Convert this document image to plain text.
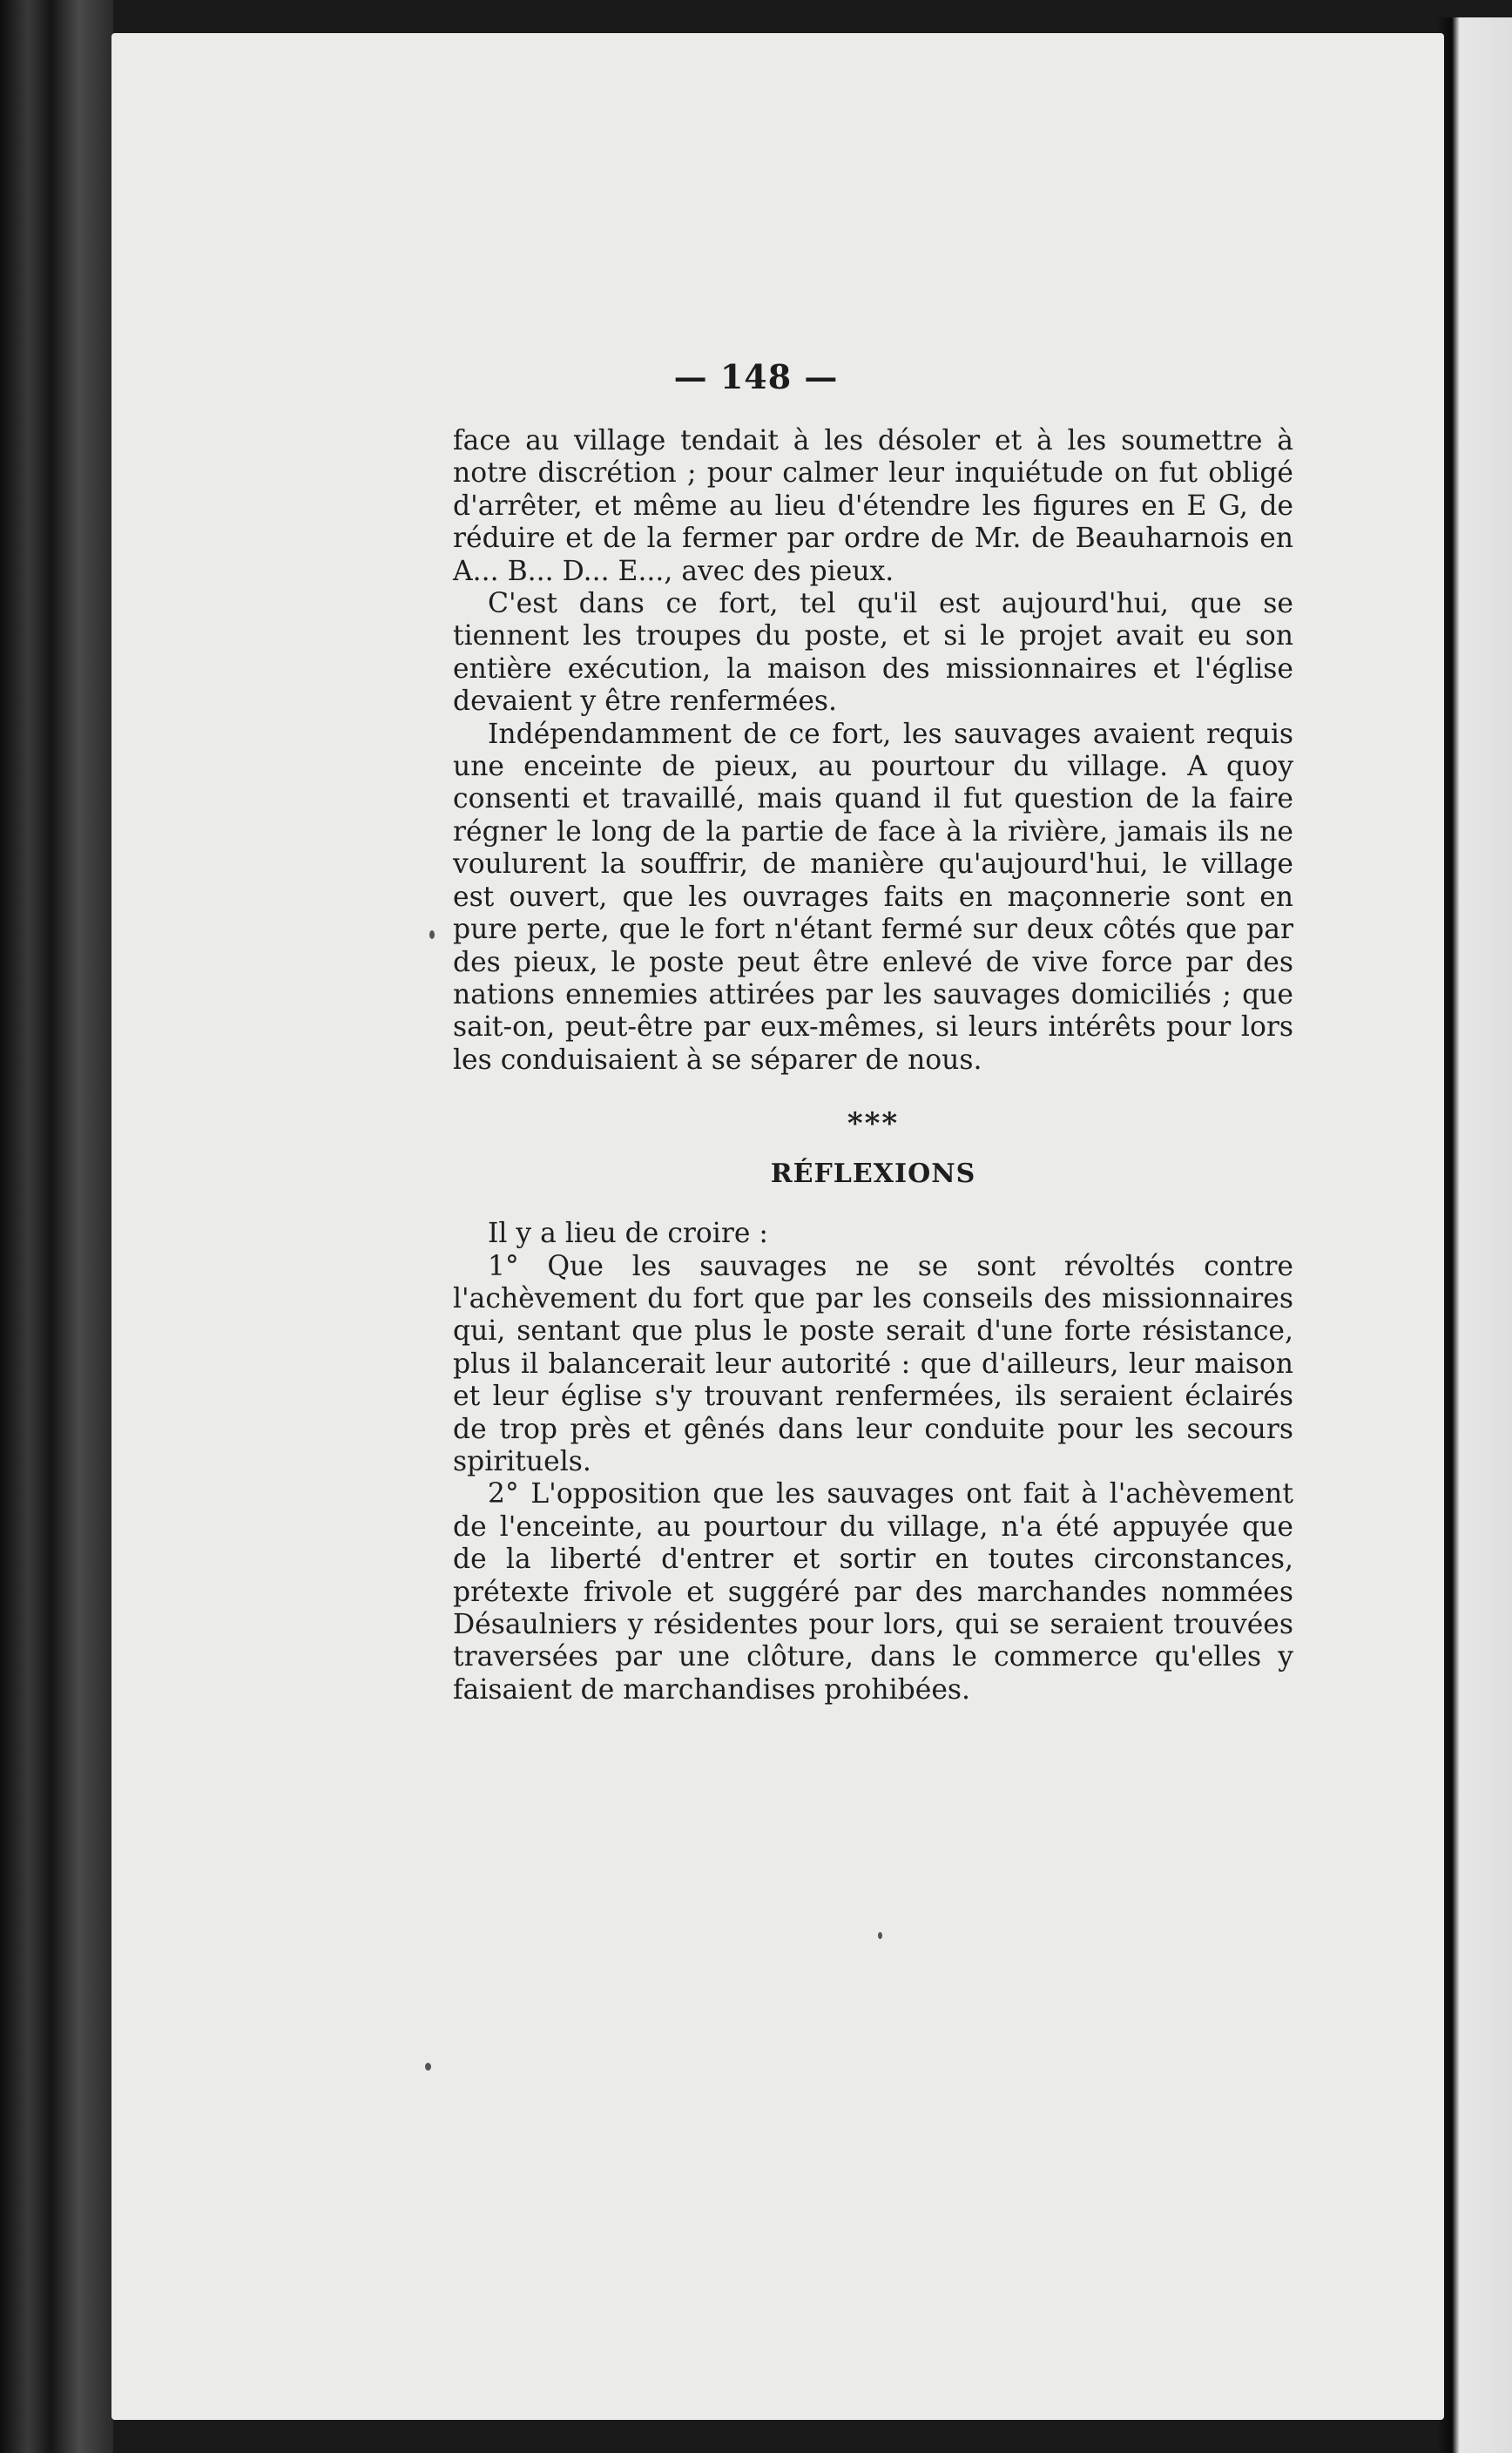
— 148 —

face au village tendait à les désoler et à les soumettre à notre discrétion ; pour calmer leur inquiétude on fut obligé d'arrêter, et même au lieu d'étendre les figures en E G, de réduire et de la fermer par ordre de Mr. de Beauharnois en A... B... D... E..., avec des pieux.

C'est dans ce fort, tel qu'il est aujourd'hui, que se tiennent les troupes du poste, et si le projet avait eu son entière exécution, la maison des missionnaires et l'église devaient y être renfermées.

Indépendamment de ce fort, les sauvages avaient requis une enceinte de pieux, au pourtour du village. A quoy consenti et travaillé, mais quand il fut question de la faire régner le long de la partie de face à la rivière, jamais ils ne voulurent la souffrir, de manière qu'aujourd'hui, le village est ouvert, que les ouvrages faits en maçonnerie sont en pure perte, que le fort n'étant fermé sur deux côtés que par des pieux, le poste peut être enlevé de vive force par des nations ennemies attirées par les sauvages domiciliés ; que sait-on, peut-être par eux-mêmes, si leurs intérêts pour lors les conduisaient à se séparer de nous.

***
RÉFLEXIONS

Il y a lieu de croire :

1° Que les sauvages ne se sont révoltés contre l'achèvement du fort que par les conseils des missionnaires qui, sentant que plus le poste serait d'une forte résistance, plus il balancerait leur autorité : que d'ailleurs, leur maison et leur église s'y trouvant renfermées, ils seraient éclairés de trop près et gênés dans leur conduite pour les secours spirituels.

2° L'opposition que les sauvages ont fait à l'achèvement de l'enceinte, au pourtour du village, n'a été appuyée que de la liberté d'entrer et sortir en toutes circonstances, prétexte frivole et suggéré par des marchandes nommées Désaulniers y résidentes pour lors, qui se seraient trouvées traversées par une clôture, dans le commerce qu'elles y faisaient de marchandises prohibées.
